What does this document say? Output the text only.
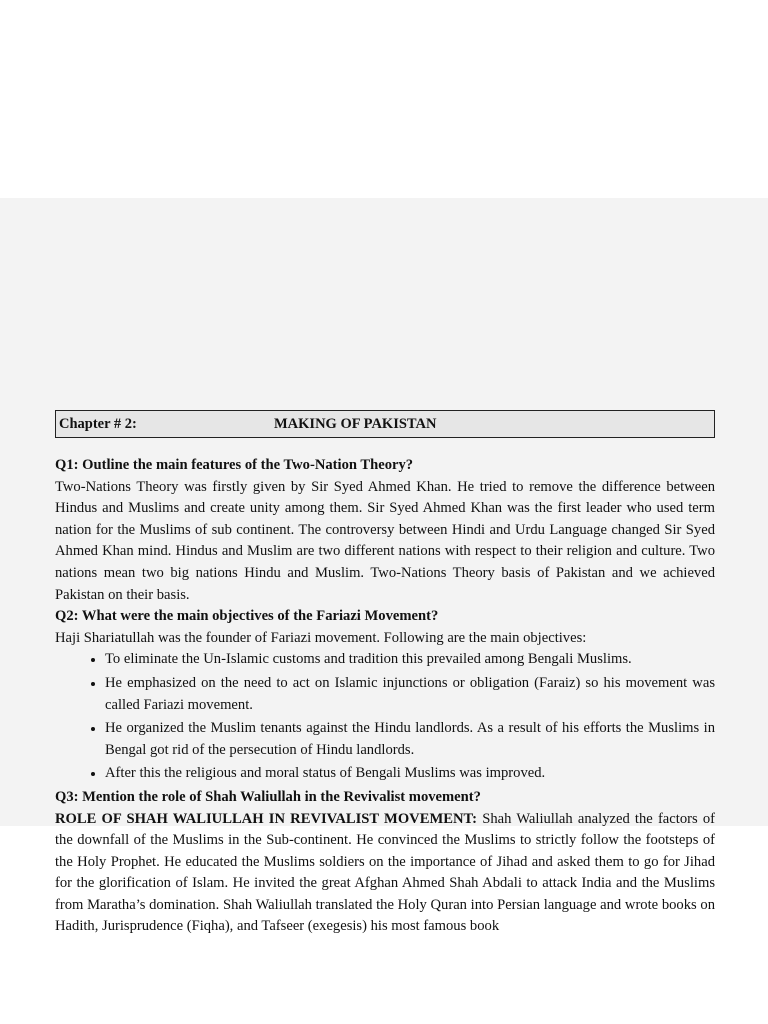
Chapter # 2:	MAKING OF PAKISTAN

Q1: Outline the main features of the Two-Nation Theory?

Two-Nations Theory was firstly given by Sir Syed Ahmed Khan. He tried to remove the difference between Hindus and Muslims and create unity among them. Sir Syed Ahmed Khan was the first leader who used term nation for the Muslims of sub continent. The controversy between Hindi and Urdu Language changed Sir Syed Ahmed Khan mind. Hindus and Muslim are two different nations with respect to their religion and culture. Two nations mean two big nations Hindu and Muslim. Two-Nations Theory basis of Pakistan and we achieved Pakistan on their basis.

Q2: What were the main objectives of the Fariazi Movement?

Haji Shariatullah was the founder of Fariazi movement. Following are the main objectives:

• To eliminate the Un-Islamic customs and tradition this prevailed among Bengali Muslims.
• He emphasized on the need to act on Islamic injunctions or obligation (Faraiz) so his movement was called Fariazi movement.
• He organized the Muslim tenants against the Hindu landlords. As a result of his efforts the Muslims in Bengal got rid of the persecution of Hindu landlords.
• After this the religious and moral status of Bengali Muslims was improved.

Q3: Mention the role of Shah Waliullah in the Revivalist movement?

ROLE OF SHAH WALIULLAH IN REVIVALIST MOVEMENT: Shah Waliullah analyzed the factors of the downfall of the Muslims in the Sub-continent. He convinced the Muslims to strictly follow the footsteps of the Holy Prophet. He educated the Muslims soldiers on the importance of Jihad and asked them to go for Jihad for the glorification of Islam. He invited the great Afghan Ahmed Shah Abdali to attack India and the Muslims from Maratha’s domination. Shah Waliullah translated the Holy Quran into Persian language and wrote books on Hadith, Jurisprudence (Fiqha), and Tafseer (exegesis) his most famous book
